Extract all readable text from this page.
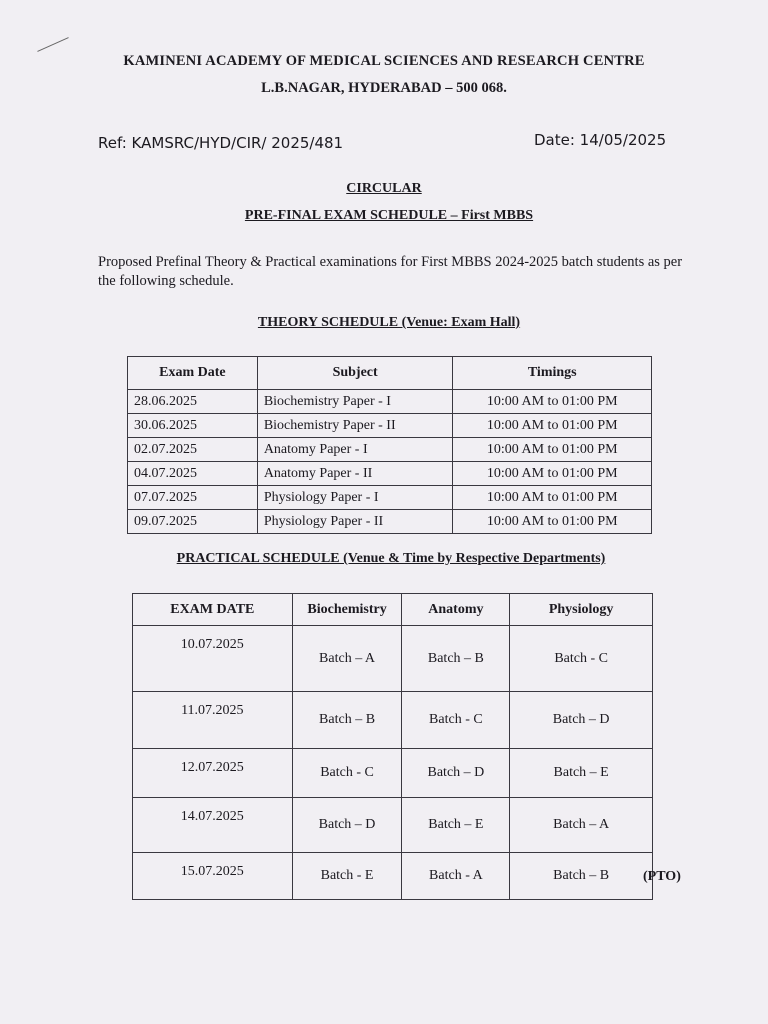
KAMINENI ACADEMY OF MEDICAL SCIENCES AND RESEARCH CENTRE
L.B.NAGAR, HYDERABAD – 500 068.
Ref: KAMSRC/HYD/CIR/ 2025/481	Date: 14/05/2025
CIRCULAR
PRE-FINAL EXAM SCHEDULE – First MBBS
Proposed Prefinal Theory & Practical examinations for First MBBS 2024-2025 batch students as per the following schedule.
THEORY SCHEDULE (Venue: Exam Hall)
Exam Date	Subject	Timings
28.06.2025	Biochemistry Paper - I	10:00 AM to 01:00 PM
30.06.2025	Biochemistry Paper - II	10:00 AM to 01:00 PM
02.07.2025	Anatomy Paper - I	10:00 AM to 01:00 PM
04.07.2025	Anatomy Paper - II	10:00 AM to 01:00 PM
07.07.2025	Physiology Paper - I	10:00 AM to 01:00 PM
09.07.2025	Physiology Paper - II	10:00 AM to 01:00 PM
PRACTICAL SCHEDULE (Venue & Time by Respective Departments)
EXAM DATE	Biochemistry	Anatomy	Physiology
10.07.2025	Batch – A	Batch – B	Batch - C
11.07.2025	Batch – B	Batch - C	Batch – D
12.07.2025	Batch - C	Batch – D	Batch – E
14.07.2025	Batch – D	Batch – E	Batch – A
15.07.2025	Batch - E	Batch - A	Batch – B (PTO)
